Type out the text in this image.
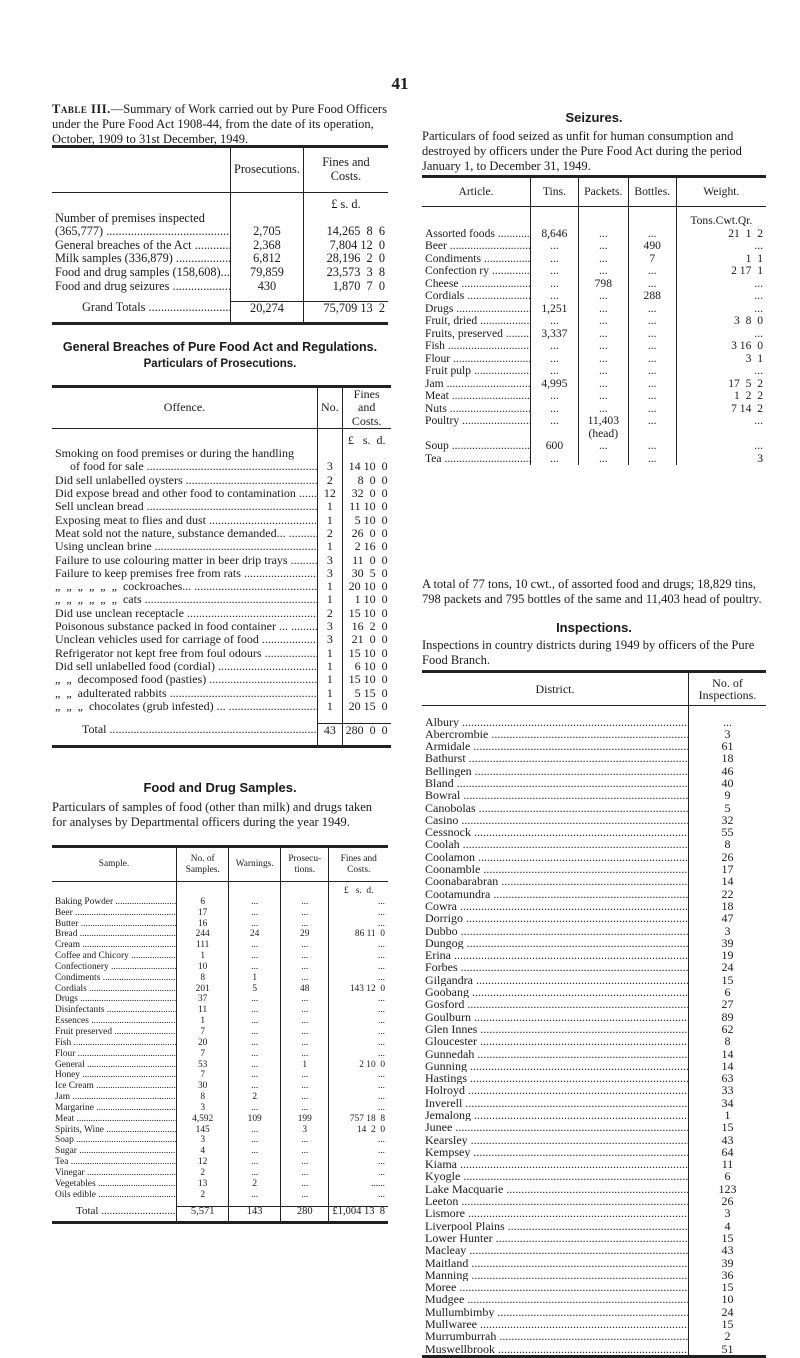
41
Table III.—Summary of Work carried out by Pure Food Officers under the Pure Food Act 1908-44, from the date of its operation, October, 1909 to 31st December, 1949.
	Prosecutions.	Fines and Costs.
		£ s. d.
Number of premises inspected		
(365,777) .....	2,705	14,265  8  6
General breaches of the Act .....	2,368	7,804 12  0
Milk samples (336,879) .....	6,812	28,196  2  0
Food and drug samples (158,608)... .....	79,859	23,573  3  8
Food and drug seizures .....	430	1,870  7  0

Grand Totals .....	20,274	75,709 13  2

General Breaches of Pure Food Act and Regulations.
Particulars of Prosecutions.
Offence.	No.	Fines and Costs.
		£   s.  d.
Smoking on food premises or during the handling		
of food for sale .....	3	14 10  0
Did sell unlabelled oysters .....	2	8  0  0
Did expose bread and other food to contamination .....	12	32  0  0
Sell unclean bread .....	1	11 10  0
Exposing meat to flies and dust .....	1	5 10  0
Meat sold not the nature, substance demanded... .....	2	26  0  0
Using unclean brine .....	1	2 16  0
Failure to use colouring matter in beer drip trays .....	3	11  0  0
Failure to keep premises free from rats .....	3	30  5  0
„  „  „  „  „  „  cockroaches... .....	1	20 10  0
„  „  „  „  „  „  cats .....	1	1 10  0
Did use unclean receptacle .....	2	15 10  0
Poisonous substance packed in food container ... .....	3	16  2  0
Unclean vehicles used for carriage of food .....	3	21  0  0
Refrigerator not kept free from foul odours .....	1	15 10  0
Did sell unlabelled food (cordial) .....	1	6 10  0
„  „  decomposed food (pasties) .....	1	15 10  0
„  „  adulterated rabbits .....	1	5 15  0
„  „  „  chocolates (grub infested) ... .....	1	20 15  0

Total .....	43	280  0  0

Food and Drug Samples.
Particulars of samples of food (other than milk) and drugs taken for analyses by Departmental officers during the year 1949.
Sample.	No. of Samples.	Warnings.	Prosecu-tions.	Fines and Costs.
				£   s.  d.
Baking Powder .....	6	...	...	...
Beer .....	17	...	...	...
Butter .....	16	...	...	...
Bread .....	244	24	29	86 11  0
Cream .....	111	...	...	...
Coffee and Chicory .....	1	...	...	...
Confectionery .....	10	...	...	...
Condiments .....	8	1	...	...
Cordials .....	201	5	48	143 12  0
Drugs .....	37	...	...	...
Disinfectants .....	11	...	...	...
Essences .....	1	...	...	...
Fruit preserved .....	7	...	...	...
Fish .....	20	...	...	...
Flour .....	7	...	...	...
General .....	53	...	1	2 10  0
Honey .....	7	...	...	...
Ice Cream .....	30	...	...	...
Jam .....	8	2	...	...
Margarine .....	3	...	...	...
Meat .....	4,592	109	199	757 18  8
Spirits, Wine .....	145	...	3	14  2  0
Soap .....	3	...	...	...
Sugar .....	4	...	...	...
Tea .....	12	...	...	...
Vinegar .....	2	...	...	...
Vegetables .....	13	2	...	......
Oils edible .....	2	...	...	...

Total .....	5,571	143	280	£1,004 13  8

Seizures.
Particulars of food seized as unfit for human consumption and destroyed by officers under the Pure Food Act during the period January 1, to December 31, 1949.
Article.	Tins.	Packets.	Bottles.	Weight.
				Tons.Cwt.Qr.
Assorted foods .....	8,646	...	...	21  1  2
Beer .....	...	...	490	...
Condiments .....	...	...	7	1  1
Confection ry .....	...	...	...	2 17  1
Cheese .....	...	798	...	...
Cordials .....	...	...	288	...
Drugs .....	1,251	...	...	...
Fruit, dried .....	...	...	...	3  8  0
Fruits, preserved .....	3,337	...	...	...
Fish .....	...	...	...	3 16  0
Flour .....	...	...	...	3  1
Fruit pulp .....	...	...	...	...
Jam .....	4,995	...	...	17  5  2
Meat .....	...	...	...	1  2  2
Nuts .....	...	...	...	7 14  2
Poultry .....	...	11,403 (head)	...	...
Soup .....	600	...	...	...
Tea .....	...	...	...	3
A total of 77 tons, 10 cwt., of assorted food and drugs; 18,829 tins, 798 packets and 795 bottles of the same and 11,403 head of poultry.
Inspections.
Inspections in country districts during 1949 by officers of the Pure Food Branch.
District.	No. of Inspections.

Albury .....	...
Abercrombie .....	3
Armidale .....	61
Bathurst .....	18
Bellingen .....	46
Bland .....	40
Bowral .....	9
Canobolas .....	5
Casino .....	32
Cessnock .....	55
Coolah .....	8
Coolamon .....	26
Coonamble .....	17
Coonabarabran .....	14
Cootamundra .....	22
Cowra .....	18
Dorrigo .....	47
Dubbo .....	3
Dungog .....	39
Erina .....	19
Forbes .....	24
Gilgandra .....	15
Goobang .....	6
Gosford .....	27
Goulburn .....	89
Glen Innes .....	62
Gloucester .....	8
Gunnedah .....	14
Gunning .....	14
Hastings .....	63
Holroyd .....	33
Inverell .....	34
Jemalong .....	1
Junee .....	15
Kearsley .....	43
Kempsey .....	64
Kiama .....	11
Kyogle .....	6
Lake Macquarie .....	123
Leeton .....	26
Lismore .....	3
Liverpool Plains .....	4
Lower Hunter .....	15
Macleay .....	43
Maitland .....	39
Manning .....	36
Moree .....	15
Mudgee .....	10
Mullumbimby .....	24
Mullwaree .....	15
Murrumburrah .....	2
Muswellbrook .....	51
